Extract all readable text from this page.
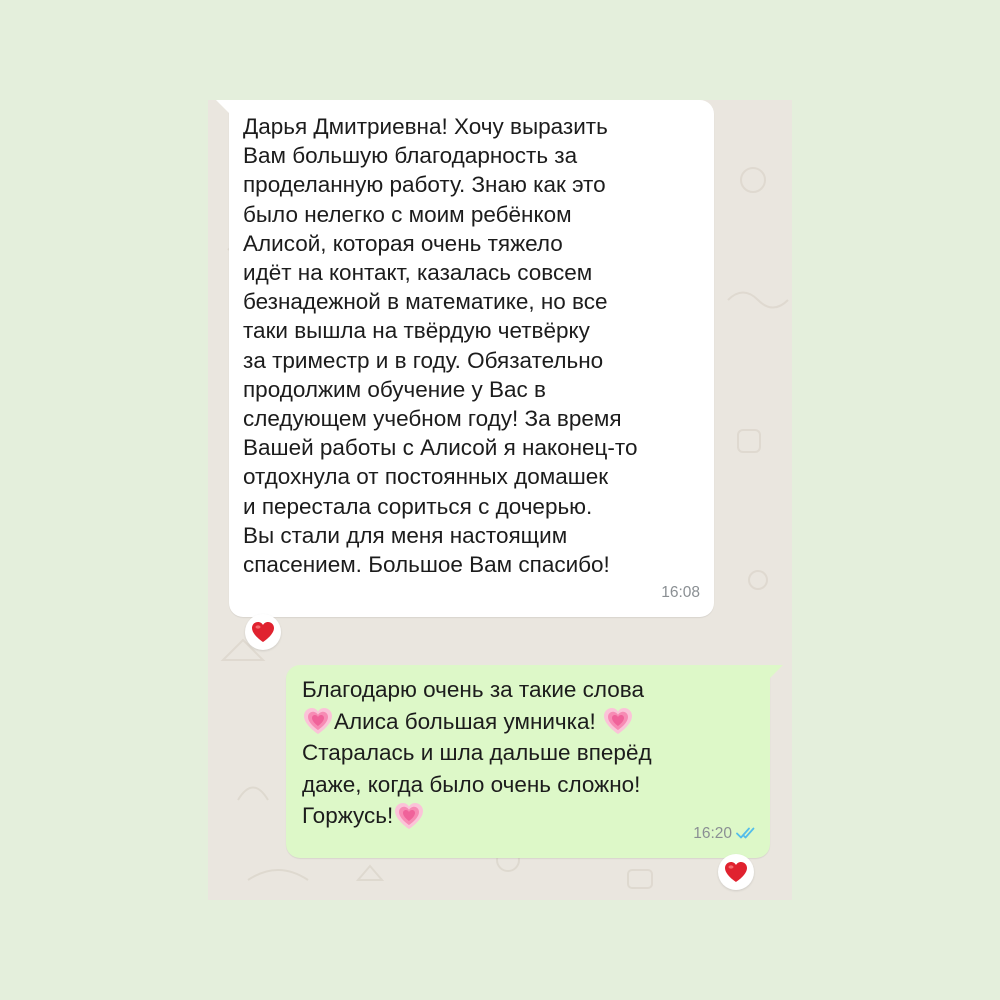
Дарья Дмитриевна! Хочу выразить
Вам большую благодарность за
проделанную работу. Знаю как это
было нелегко с моим ребёнком
Алисой, которая очень тяжело
идёт на контакт, казалась совсем
безнадежной в математике, но все
таки вышла на твёрдую четвёрку
за триместр и в году. Обязательно
продолжим обучение у Вас в
следующем учебном году! За время
Вашей работы с Алисой я наконец-то
отдохнула от постоянных домашек
и перестала сориться с дочерью.
Вы стали для меня настоящим
спасением. Большое Вам спасибо!
16:08
Благодарю очень за такие слова
Алиса большая умничка!
Старалась и шла дальше вперёд
даже, когда было очень сложно!
Горжусь!
16:20
